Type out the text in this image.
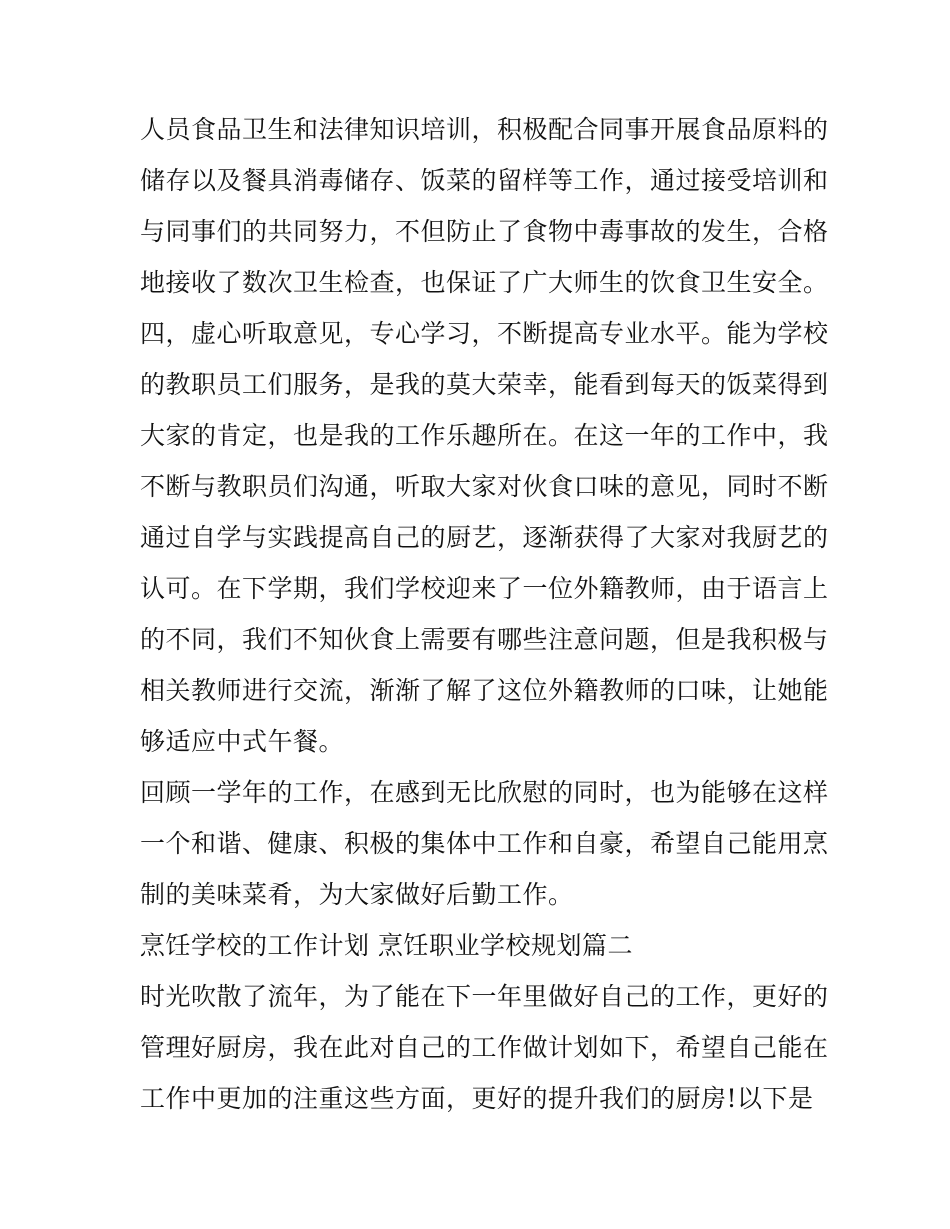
人员食品卫生和法律知识培训，积极配合同事开展食品原料的
储存以及餐具消毒储存、饭菜的留样等工作，通过接受培训和
与同事们的共同努力，不但防止了食物中毒事故的发生，合格
地接收了数次卫生检查，也保证了广大师生的饮食卫生安全。
四，虚心听取意见，专心学习，不断提高专业水平。能为学校
的教职员工们服务，是我的莫大荣幸，能看到每天的饭菜得到
大家的肯定，也是我的工作乐趣所在。在这一年的工作中，我
不断与教职员们沟通，听取大家对伙食口味的意见，同时不断
通过自学与实践提高自己的厨艺，逐渐获得了大家对我厨艺的
认可。在下学期，我们学校迎来了一位外籍教师，由于语言上
的不同，我们不知伙食上需要有哪些注意问题，但是我积极与
相关教师进行交流，渐渐了解了这位外籍教师的口味，让她能
够适应中式午餐。
回顾一学年的工作，在感到无比欣慰的同时，也为能够在这样
一个和谐、健康、积极的集体中工作和自豪，希望自己能用烹
制的美味菜肴，为大家做好后勤工作。
烹饪学校的工作计划 烹饪职业学校规划篇二
时光吹散了流年，为了能在下一年里做好自己的工作，更好的
管理好厨房，我在此对自己的工作做计划如下，希望自己能在
工作中更加的注重这些方面，更好的提升我们的厨房!以下是
